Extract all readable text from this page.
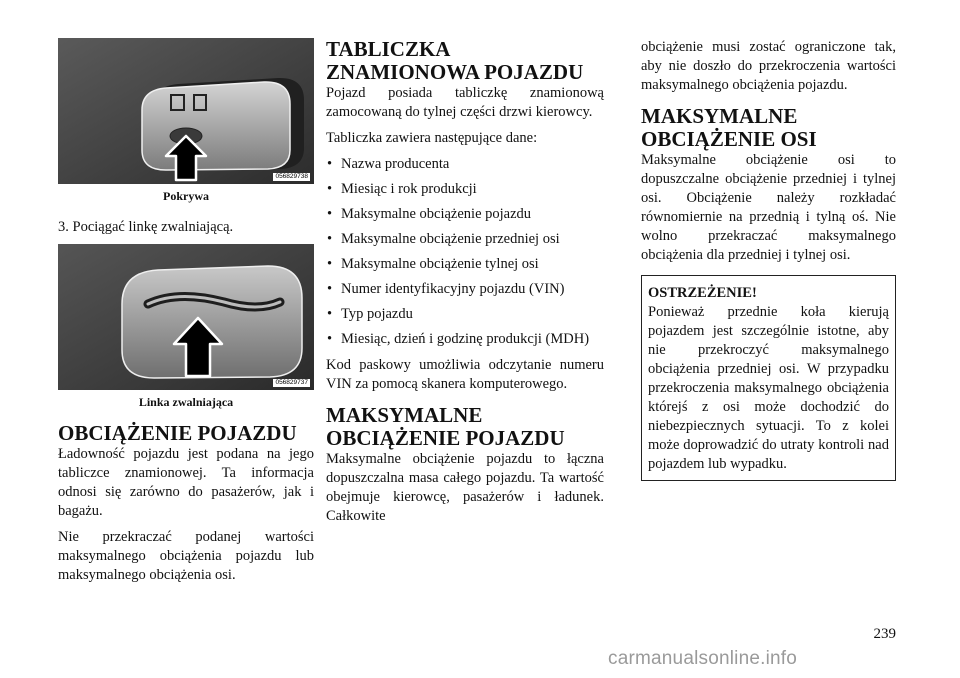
056829738
Pokrywa

3. Pociągać linkę zwalniającą.

056829737
Linka zwalniająca
OBCIĄŻENIE POJAZDU

Ładowność pojazdu jest podana na jego tabliczce znamionowej. Ta informacja odnosi się zarówno do pasażerów, jak i bagażu.

Nie przekraczać podanej wartości maksymalnego obciążenia pojazdu lub maksymalnego obciążenia osi.

TABLICZKA ZNAMIONOWA POJAZDU

Pojazd posiada tabliczkę znamionową zamocowaną do tylnej części drzwi kierowcy.

Tabliczka zawiera następujące dane:

• Nazwa producenta
• Miesiąc i rok produkcji
• Maksymalne obciążenie pojazdu
• Maksymalne obciążenie przedniej osi
• Maksymalne obciążenie tylnej osi
• Numer identyfikacyjny pojazdu (VIN)
• Typ pojazdu
• Miesiąc, dzień i godzinę produkcji (MDH)

Kod paskowy umożliwia odczytanie numeru VIN za pomocą skanera komputerowego.

MAKSYMALNE OBCIĄŻENIE POJAZDU

Maksymalne obciążenie pojazdu to łączna dopuszczalna masa całego pojazdu. Ta wartość obejmuje kierowcę, pasażerów i ładunek. Całkowite

obciążenie musi zostać ograniczone tak, aby nie doszło do przekroczenia wartości maksymalnego obciążenia pojazdu.

MAKSYMALNE OBCIĄŻENIE OSI

Maksymalne obciążenie osi to dopuszczalne obciążenie przedniej i tylnej osi. Obciążenie należy rozkładać równomiernie na przednią i tylną oś. Nie wolno przekraczać maksymalnego obciążenia dla przedniej i tylnej osi.

OSTRZEŻENIE!

Ponieważ przednie koła kierują pojazdem jest szczególnie istotne, aby nie przekroczyć maksymalnego obciążenia przedniej osi. W przypadku przekroczenia maksymalnego obciążenia którejś z osi może dochodzić do niebezpiecznych sytuacji. To z kolei może doprowadzić do utraty kontroli nad pojazdem lub wypadku.

239
carmanualsonline.info
